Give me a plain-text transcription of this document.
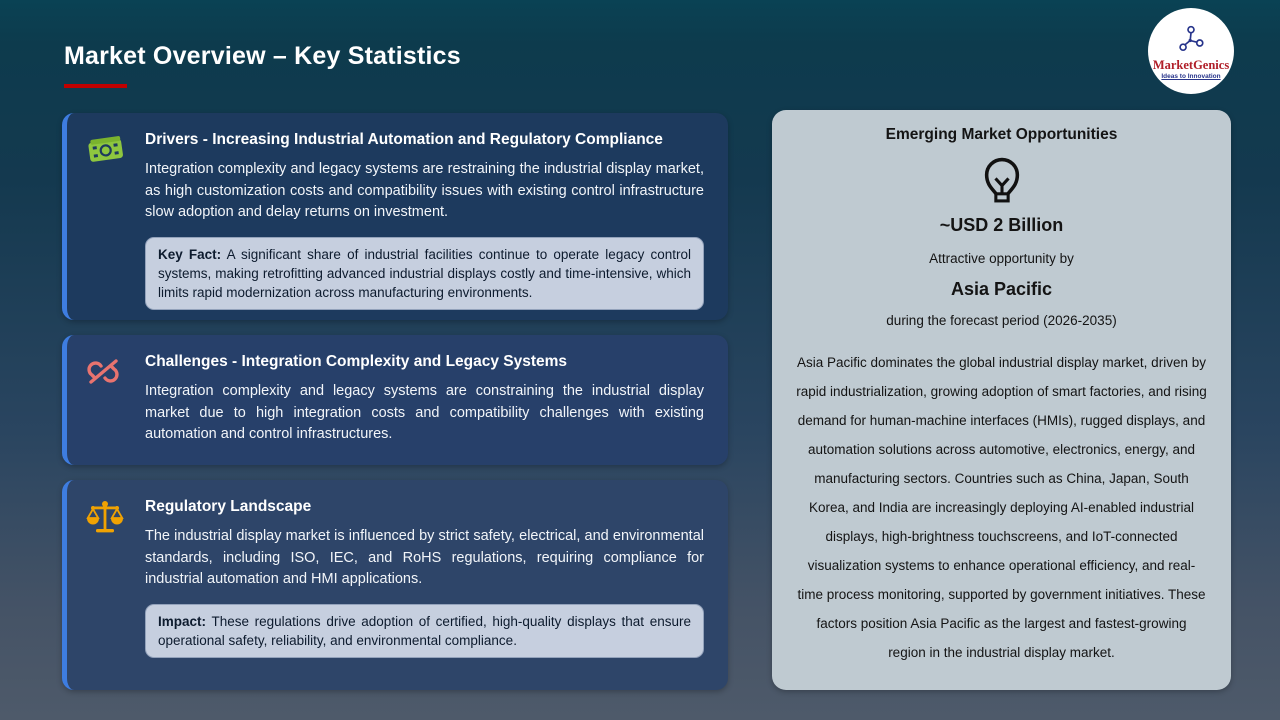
Market Overview – Key Statistics	MarketGenics
Ideas to Innovation
Drivers - Increasing Industrial Automation and Regulatory Compliance

Integration complexity and legacy systems are restraining the industrial display market, as high customization costs and compatibility issues with existing control infrastructure slow adoption and delay returns on investment.

Key Fact: A significant share of industrial facilities continue to operate legacy control systems, making retrofitting advanced industrial displays costly and time-intensive, which limits rapid modernization across manufacturing environments.
Challenges - Integration Complexity and Legacy Systems

Integration complexity and legacy systems are constraining the industrial display market due to high integration costs and compatibility challenges with existing automation and control infrastructures.

Regulatory Landscape

The industrial display market is influenced by strict safety, electrical, and environmental standards, including ISO, IEC, and RoHS regulations, requiring compliance for industrial automation and HMI applications.

Impact: These regulations drive adoption of certified, high-quality displays that ensure operational safety, reliability, and environmental compliance.
Emerging Market Opportunities
~USD 2 Billion
Attractive opportunity by
Asia Pacific
during the forecast period (2026-2035)

Asia Pacific dominates the global industrial display market, driven by rapid industrialization, growing adoption of smart factories, and rising demand for human-machine interfaces (HMIs), rugged displays, and automation solutions across automotive, electronics, energy, and manufacturing sectors. Countries such as China, Japan, South Korea, and India are increasingly deploying AI-enabled industrial displays, high-brightness touchscreens, and IoT-connected visualization systems to enhance operational efficiency, and real-time process monitoring, supported by government initiatives. These factors position Asia Pacific as the largest and fastest-growing region in the industrial display market.
